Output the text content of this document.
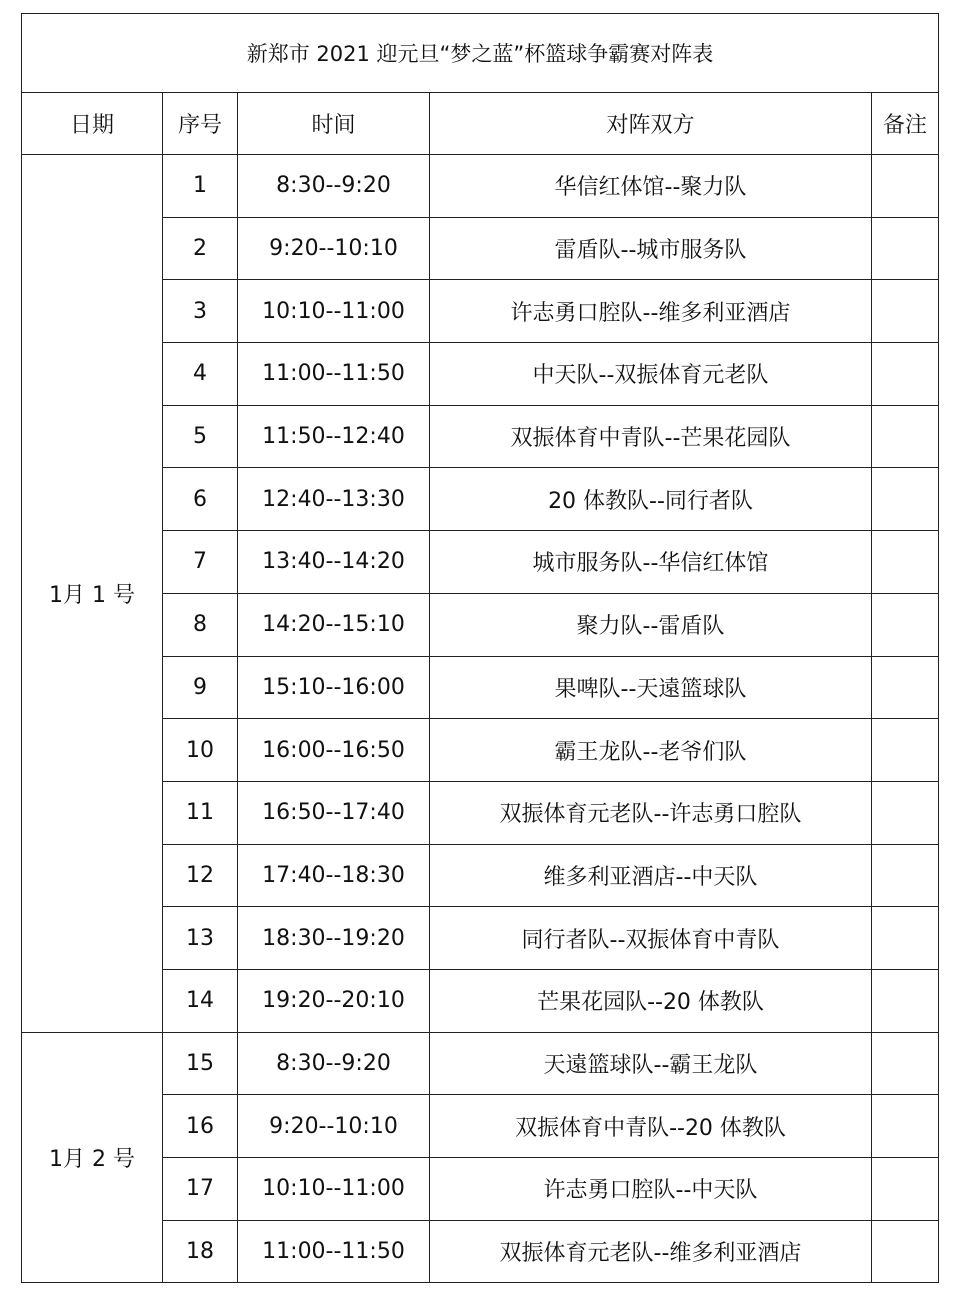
新郑市 2021 迎元旦“梦之蓝”杯篮球争霸赛对阵表				
日期	序号	时间	对阵双方	备注
1月 1 号	1	8:30--9:20	华信红体馆--聚力队	
	2	9:20--10:10	雷盾队--城市服务队	
	3	10:10--11:00	许志勇口腔队--维多利亚酒店	
	4	11:00--11:50	中天队--双振体育元老队	
	5	11:50--12:40	双振体育中青队--芒果花园队	
	6	12:40--13:30	20 体教队--同行者队	
	7	13:40--14:20	城市服务队--华信红体馆	
	8	14:20--15:10	聚力队--雷盾队	
	9	15:10--16:00	果啤队--天遠篮球队	
	10	16:00--16:50	霸王龙队--老爷们队	
	11	16:50--17:40	双振体育元老队--许志勇口腔队	
	12	17:40--18:30	维多利亚酒店--中天队	
	13	18:30--19:20	同行者队--双振体育中青队	
	14	19:20--20:10	芒果花园队--20 体教队	
1月 2 号	15	8:30--9:20	天遠篮球队--霸王龙队	
	16	9:20--10:10	双振体育中青队--20 体教队	
	17	10:10--11:00	许志勇口腔队--中天队	
	18	11:00--11:50	双振体育元老队--维多利亚酒店	
